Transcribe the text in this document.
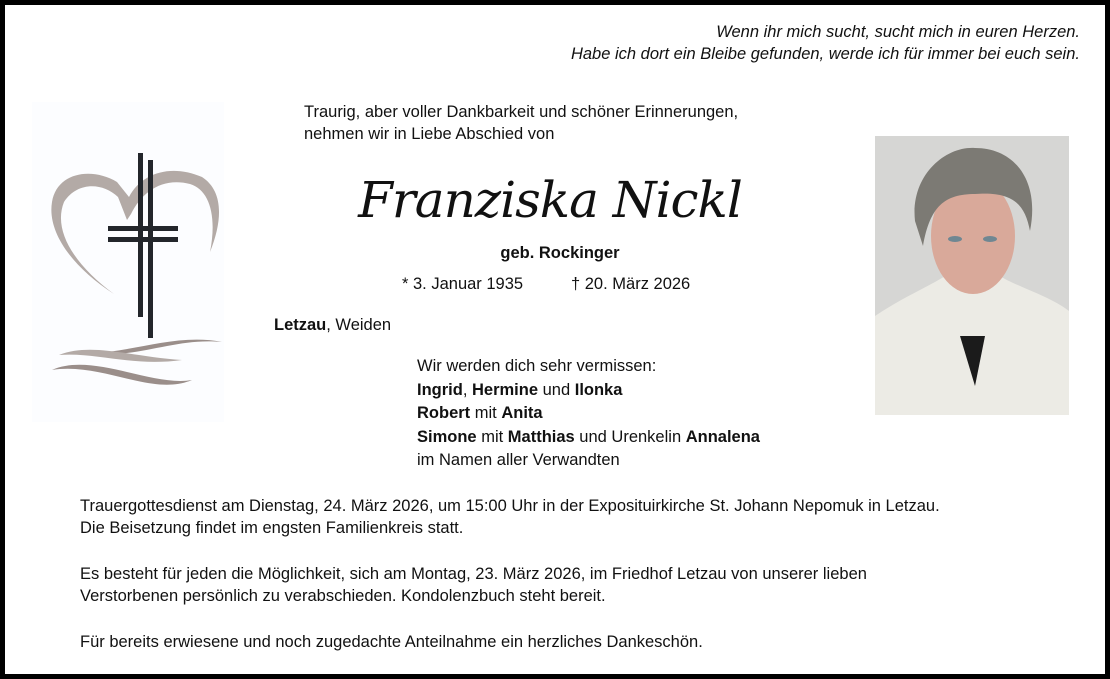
Wenn ihr mich sucht, sucht mich in euren Herzen.
Habe ich dort ein Bleibe gefunden, werde ich für immer bei euch sein.
Traurig, aber voller Dankbarkeit und schöner Erinnerungen,
nehmen wir in Liebe Abschied von
Franziska Nickl
geb. Rockinger
* 3. Januar 1935	† 20. März 2026
Letzau, Weiden
Wir werden dich sehr vermissen:
Ingrid, Hermine und Ilonka
Robert mit Anita
Simone mit Matthias und Urenkelin Annalena
im Namen aller Verwandten
Trauergottesdienst am Dienstag, 24. März 2026, um 15:00 Uhr in der Exposituirkirche St. Johann Nepomuk in Letzau.
Die Beisetzung findet im engsten Familienkreis statt.
Es besteht für jeden die Möglichkeit, sich am Montag, 23. März 2026, im Friedhof Letzau von unserer lieben
Verstorbenen persönlich zu verabschieden. Kondolenzbuch steht bereit.
Für bereits erwiesene und noch zugedachte Anteilnahme ein herzliches Dankeschön.
